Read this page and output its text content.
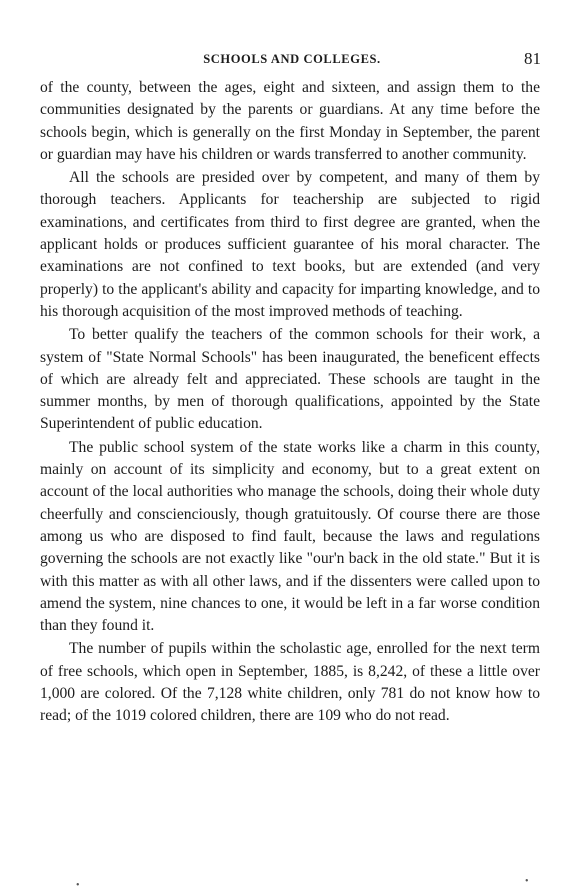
SCHOOLS AND COLLEGES.	81

of the county, between the ages, eight and sixteen, and assign them to the communities designated by the parents or guardians. At any time before the schools begin, which is generally on the first Monday in September, the parent or guardian may have his children or wards transferred to another community.

All the schools are presided over by competent, and many of them by thorough teachers. Applicants for teachership are subjected to rigid examinations, and certificates from third to first degree are granted, when the applicant holds or produces sufficient guarantee of his moral character. The examinations are not confined to text books, but are extended (and very properly) to the applicant's ability and capacity for imparting knowledge, and to his thorough acquisition of the most improved methods of teaching.

To better qualify the teachers of the common schools for their work, a system of "State Normal Schools" has been inaugurated, the beneficent effects of which are already felt and appreciated. These schools are taught in the summer months, by men of thorough qualifications, appointed by the State Superintendent of public education.

The public school system of the state works like a charm in this county, mainly on account of its simplicity and economy, but to a great extent on account of the local authorities who manage the schools, doing their whole duty cheerfully and conscienciously, though gratuitously. Of course there are those among us who are disposed to find fault, because the laws and regulations governing the schools are not exactly like "our'n back in the old state." But it is with this matter as with all other laws, and if the dissenters were called upon to amend the system, nine chances to one, it would be left in a far worse condition than they found it.

The number of pupils within the scholastic age, enrolled for the next term of free schools, which open in September, 1885, is 8,242, of these a little over 1,000 are colored. Of the 7,128 white children, only 781 do not know how to read; of the 1019 colored children, there are 109 who do not read.

•
•
